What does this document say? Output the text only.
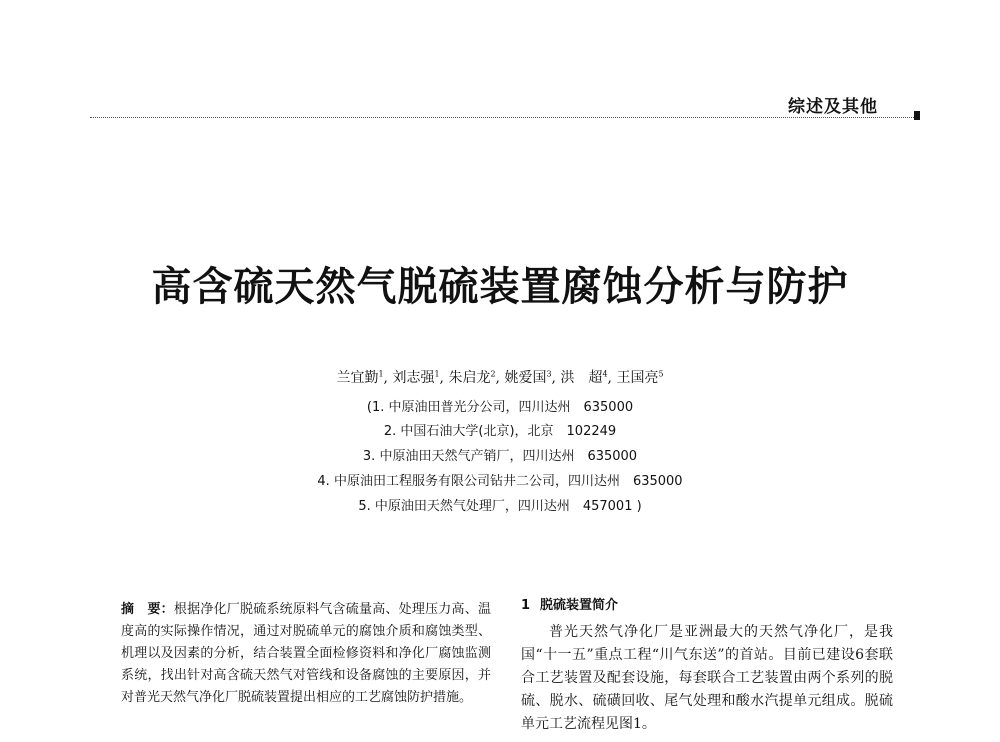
综述及其他
高含硫天然气脱硫装置腐蚀分析与防护
兰宜勤$^1$, 刘志强$^1$, 朱启龙$^2$, 姚爱国$^3$, 洪　超$^4$, 王国亮$^5$
(1. 中原油田普光分公司，四川达州　635000
2. 中国石油大学(北京)，北京　102249
3. 中原油田天然气产销厂，四川达州　635000
4. 中原油田工程服务有限公司钻井二公司，四川达州　635000
5. 中原油田天然气处理厂，四川达州　457001 )
摘　要：根据净化厂脱硫系统原料气含硫量高、处理压力高、温度高的实际操作情况，通过对脱硫单元的腐蚀介质和腐蚀类型、机理以及因素的分析，结合装置全面检修资料和净化厂腐蚀监测系统，找出针对高含硫天然气对管线和设备腐蚀的主要原因，并对普光天然气净化厂脱硫装置提出相应的工艺腐蚀防护措施。
1 脱硫装置简介

普光天然气净化厂是亚洲最大的天然气净化厂，是我国“十一五”重点工程“川气东送”的首站。目前已建设6套联合工艺装置及配套设施，每套联合工艺装置由两个系列的脱硫、脱水、硫磺回收、尾气处理和酸水汽提单元组成。脱硫单元工艺流程见图1。
